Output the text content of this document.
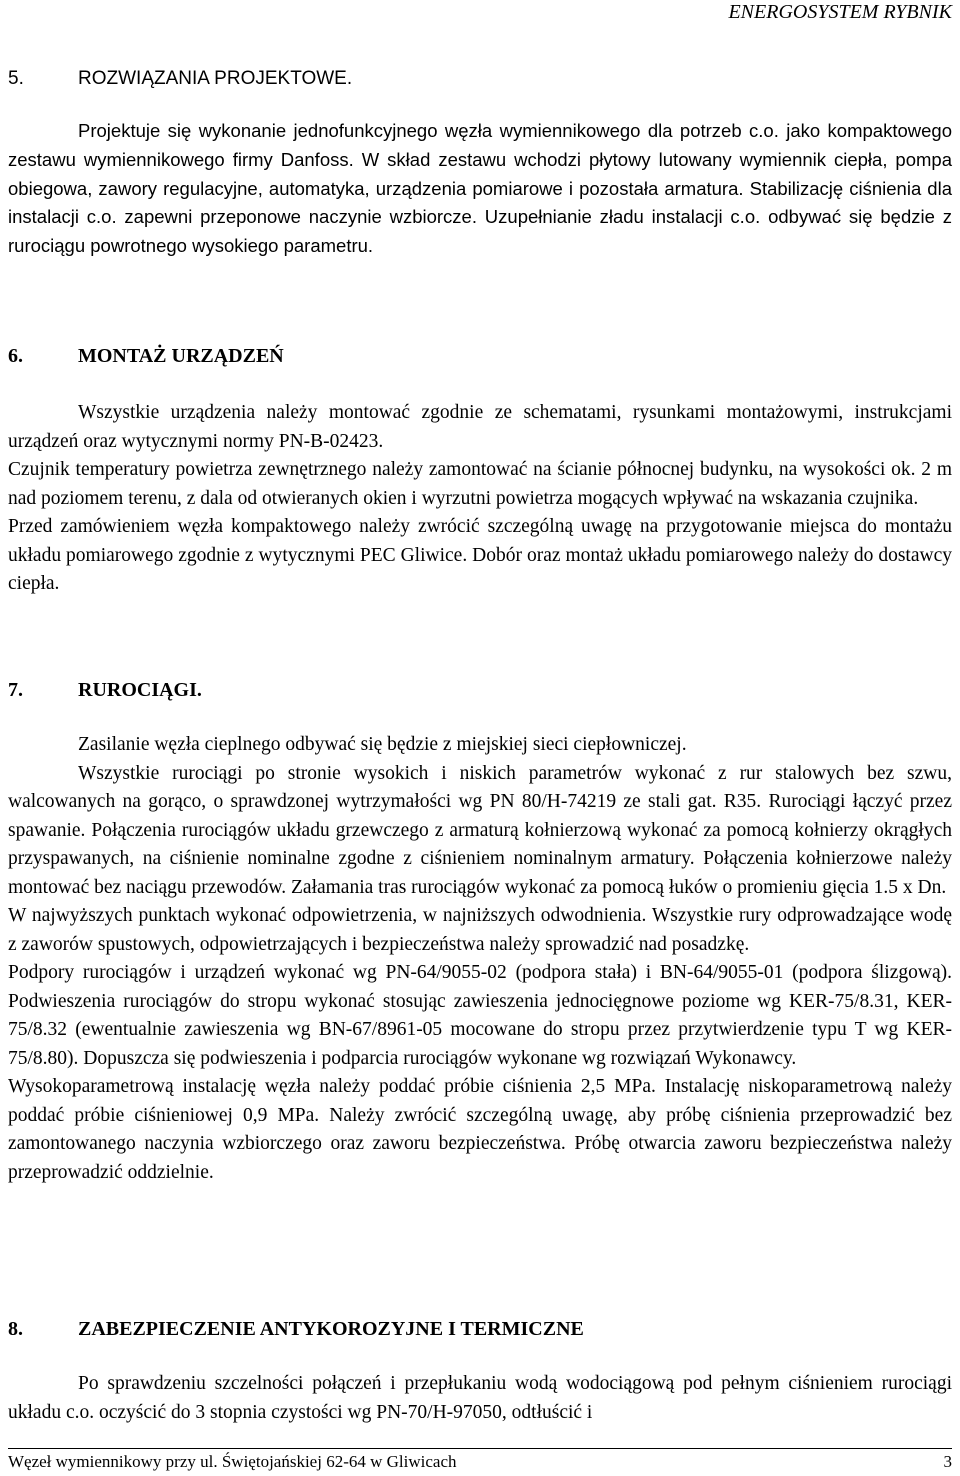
ENERGOSYSTEM RYBNIK
5.	ROZWIĄZANIA PROJEKTOWE.

Projektuje się wykonanie jednofunkcyjnego węzła wymiennikowego dla potrzeb c.o. jako kompaktowego zestawu wymiennikowego firmy Danfoss. W skład zestawu wchodzi płytowy lutowany wymiennik ciepła, pompa obiegowa, zawory regulacyjne, automatyka, urządzenia pomiarowe i pozostała armatura. Stabilizację ciśnienia dla instalacji c.o. zapewni przeponowe naczynie wzbiorcze. Uzupełnianie zładu instalacji c.o. odbywać się będzie z rurociągu powrotnego wysokiego parametru.

6.	MONTAŻ URZĄDZEŃ

Wszystkie urządzenia należy montować zgodnie ze schematami, rysunkami montażowymi, instrukcjami urządzeń oraz wytycznymi normy PN-B-02423.

Czujnik temperatury powietrza zewnętrznego należy zamontować na ścianie północnej budynku, na wysokości ok. 2 m nad poziomem terenu, z dala od otwieranych okien i wyrzutni powietrza mogących wpływać na wskazania czujnika.

Przed zamówieniem węzła kompaktowego należy zwrócić szczególną uwagę na przygotowanie miejsca do montażu układu pomiarowego zgodnie z wytycznymi PEC Gliwice. Dobór oraz montaż układu pomiarowego należy do dostawcy ciepła.

7.	RUROCIĄGI.

Zasilanie węzła cieplnego odbywać się będzie z miejskiej sieci ciepłowniczej.

Wszystkie rurociągi po stronie wysokich i niskich parametrów wykonać z rur stalowych bez szwu, walcowanych na gorąco, o sprawdzonej wytrzymałości wg PN 80/H-74219 ze stali gat. R35. Rurociągi łączyć przez spawanie. Połączenia rurociągów układu grzewczego z armaturą kołnierzową wykonać za pomocą kołnierzy okrągłych przyspawanych, na ciśnienie nominalne zgodne z ciśnieniem nominalnym armatury. Połączenia kołnierzowe należy montować bez naciągu przewodów. Załamania tras rurociągów wykonać za pomocą łuków o promieniu gięcia 1.5 x Dn.

W najwyższych punktach wykonać odpowietrzenia, w najniższych odwodnienia. Wszystkie rury odprowadzające wodę z zaworów spustowych, odpowietrzających i bezpieczeństwa należy sprowadzić nad posadzkę.

Podpory rurociągów i urządzeń wykonać wg PN-64/9055-02 (podpora stała) i BN-64/9055-01 (podpora ślizgową). Podwieszenia rurociągów do stropu wykonać stosując zawieszenia jednocięgnowe poziome wg KER-75/8.31, KER-75/8.32 (ewentualnie zawieszenia wg BN-67/8961-05 mocowane do stropu przez przytwierdzenie typu T wg KER-75/8.80). Dopuszcza się podwieszenia i podparcia rurociągów wykonane wg rozwiązań Wykonawcy.

Wysokoparametrową instalację węzła należy poddać próbie ciśnienia 2,5 MPa. Instalację niskoparametrową należy poddać próbie ciśnieniowej 0,9 MPa. Należy zwrócić szczególną uwagę, aby próbę ciśnienia przeprowadzić bez zamontowanego naczynia wzbiorczego oraz zaworu bezpieczeństwa. Próbę otwarcia zaworu bezpieczeństwa należy przeprowadzić oddzielnie.

8.	ZABEZPIECZENIE ANTYKOROZYJNE I TERMICZNE

Po sprawdzeniu szczelności połączeń i przepłukaniu wodą wodociągową pod pełnym ciśnieniem rurociągi układu c.o. oczyścić do 3 stopnia czystości wg PN-70/H-97050, odtłuścić i

Węzeł wymiennikowy przy ul. Świętojańskiej 62-64 w Gliwicach	3
